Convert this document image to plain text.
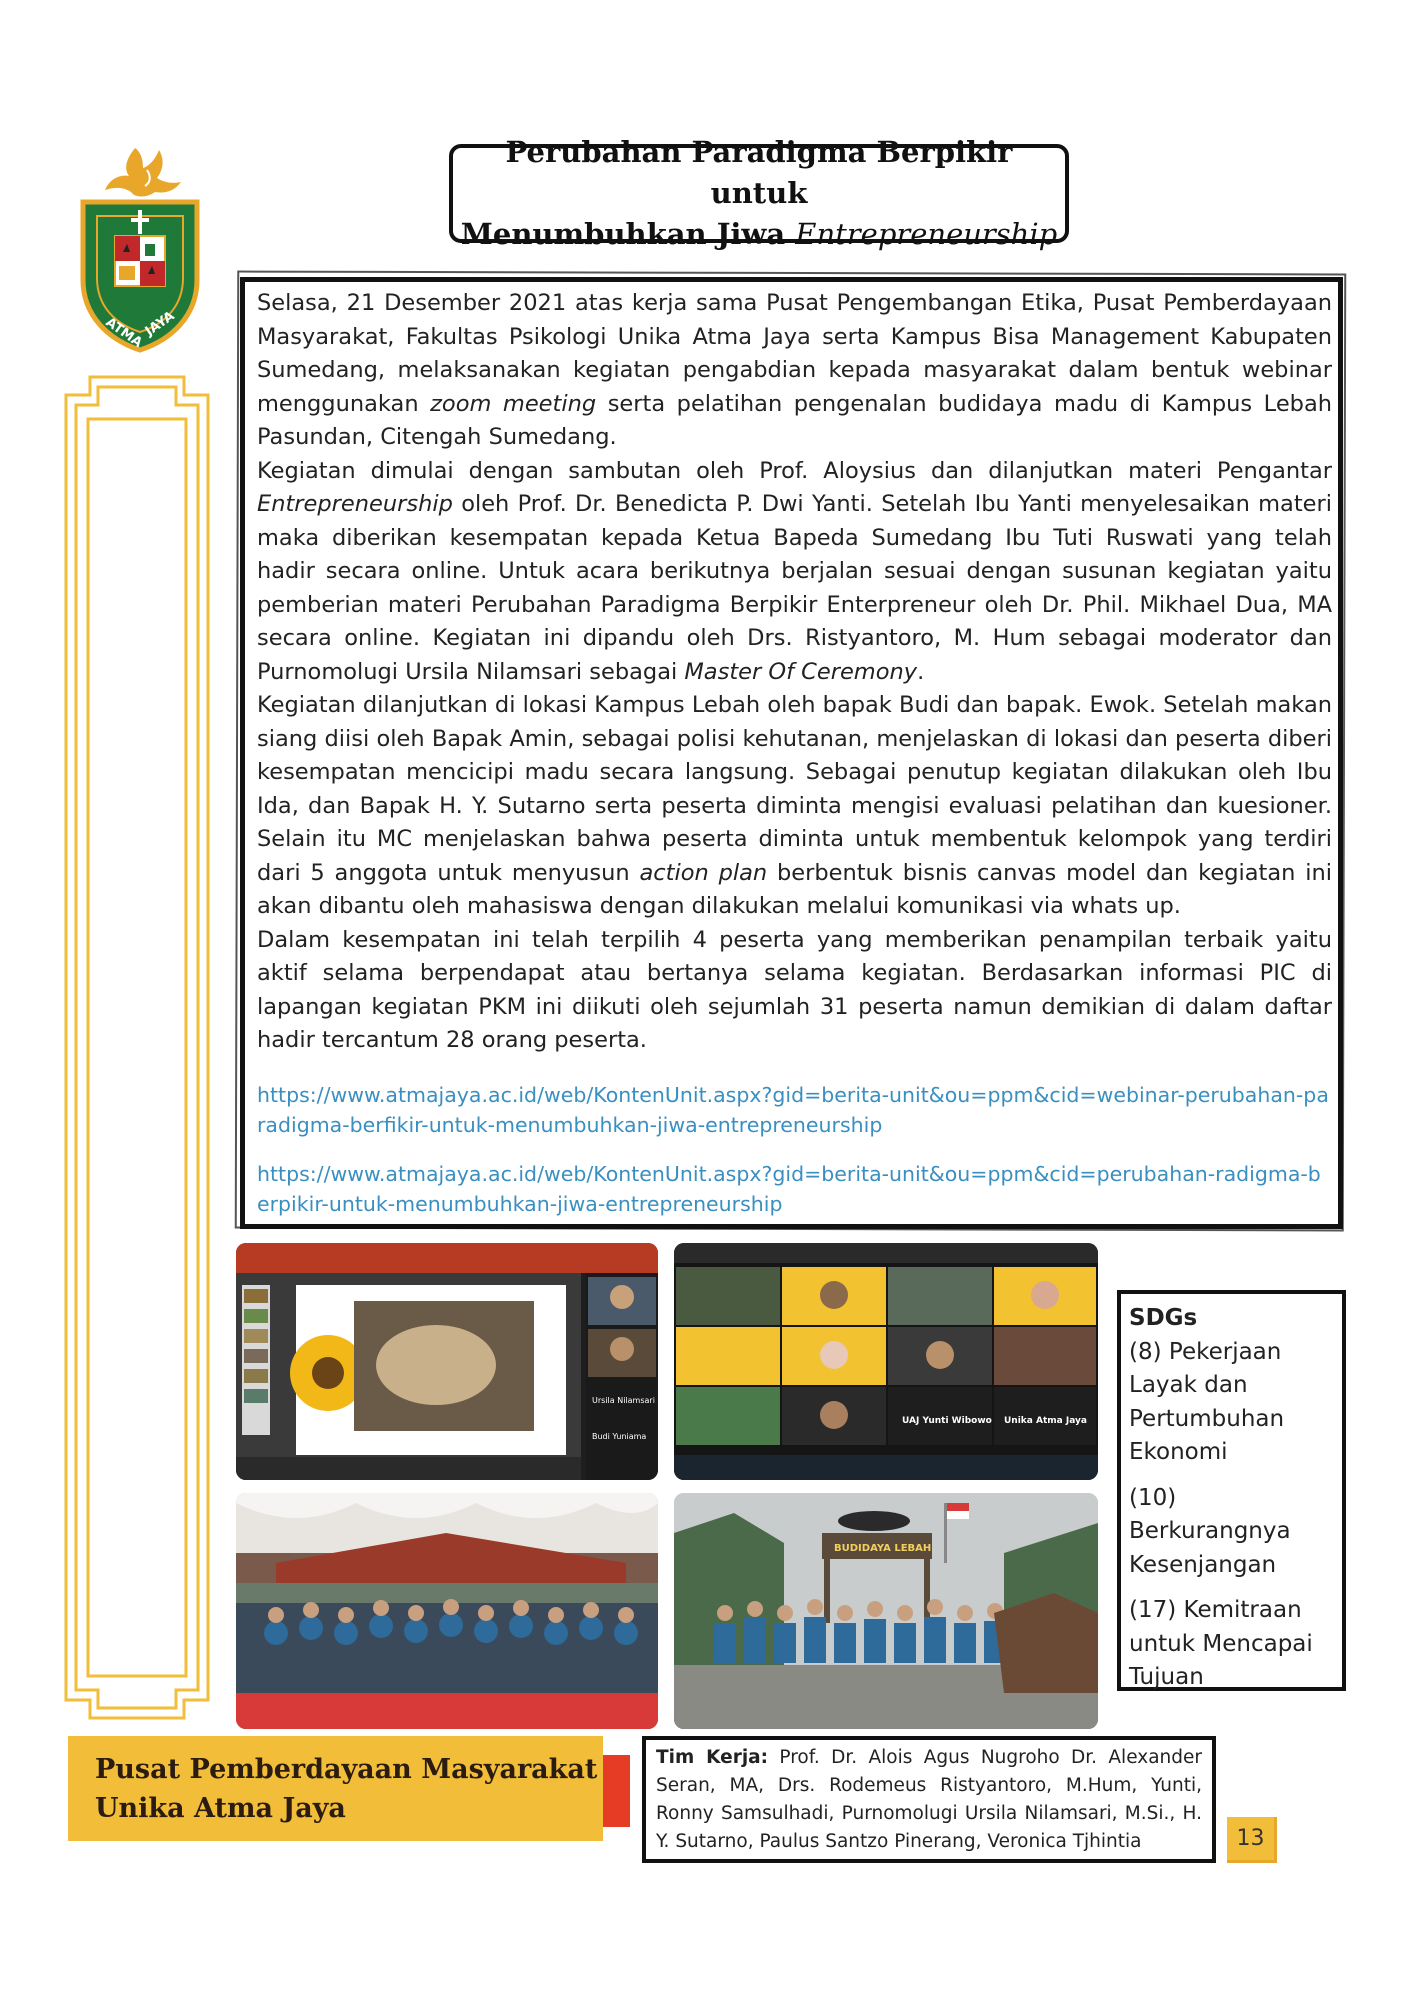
ATMA
JAYA
Perubahan Paradigma Berpikir untuk
Menumbuhkan Jiwa Entrepreneurship

Selasa, 21 Desember 2021 atas kerja sama Pusat Pengembangan Etika, Pusat Pemberdayaan Masyarakat, Fakultas Psikologi Unika Atma Jaya serta Kampus Bisa Management Kabupaten Sumedang, melaksanakan kegiatan pengabdian kepada masyarakat dalam bentuk webinar menggunakan zoom meeting serta pelatihan pengenalan budidaya madu di Kampus Lebah Pasundan, Citengah Sumedang.

Kegiatan dimulai dengan sambutan oleh Prof. Aloysius dan dilanjutkan materi Pengantar Entrepreneurship oleh Prof. Dr. Benedicta P. Dwi Yanti. Setelah Ibu Yanti menyelesaikan materi maka diberikan kesempatan kepada Ketua Bapeda Sumedang Ibu Tuti Ruswati yang telah hadir secara online. Untuk acara berikutnya berjalan sesuai dengan susunan kegiatan yaitu pemberian materi Perubahan Paradigma Berpikir Enterpreneur oleh Dr. Phil. Mikhael Dua, MA secara online. Kegiatan ini dipandu oleh Drs. Ristyantoro, M. Hum sebagai moderator dan Purnomolugi Ursila Nilamsari sebagai Master Of Ceremony.

Kegiatan dilanjutkan di lokasi Kampus Lebah oleh bapak Budi dan bapak. Ewok. Setelah makan siang diisi oleh Bapak Amin, sebagai polisi kehutanan, menjelaskan di lokasi dan peserta diberi kesempatan mencicipi madu secara langsung. Sebagai penutup kegiatan dilakukan oleh Ibu Ida, dan Bapak H. Y. Sutarno serta peserta diminta mengisi evaluasi pelatihan dan kuesioner. Selain itu MC menjelaskan bahwa peserta diminta untuk membentuk kelompok yang terdiri dari 5 anggota untuk menyusun action plan berbentuk bisnis canvas model dan kegiatan ini akan dibantu oleh mahasiswa dengan dilakukan melalui komunikasi via whats up.

Dalam kesempatan ini telah terpilih 4 peserta yang memberikan penampilan terbaik yaitu aktif selama berpendapat atau bertanya selama kegiatan. Berdasarkan informasi PIC di lapangan kegiatan PKM ini diikuti oleh sejumlah 31 peserta namun demikian di dalam daftar hadir tercantum 28 orang peserta.

https://www.atmajaya.ac.id/web/KontenUnit.aspx?gid=berita-unit&ou=ppm&cid=webinar-perubahan-paradigma-berfikir-untuk-menumbuhkan-jiwa-entrepreneurship
https://www.atmajaya.ac.id/web/KontenUnit.aspx?gid=berita-unit&ou=ppm&cid=perubahan-radigma-berpikir-untuk-menumbuhkan-jiwa-entrepreneurship
Ursila Nilamsari
Budi Yuniama
UAJ Yunti Wibowo Unika Atma Jaya
BUDIDAYA LEBAH
SDGs
(8) Pekerjaan Layak dan Pertumbuhan Ekonomi
(10) Berkurangnya Kesenjangan
(17) Kemitraan untuk Mencapai Tujuan
Pusat Pemberdayaan Masyarakat
Unika Atma Jaya
Tim Kerja: Prof. Dr. Alois Agus Nugroho Dr. Alexander Seran, MA, Drs. Rodemeus Ristyantoro, M.Hum, Yunti, Ronny Samsulhadi, Purnomolugi Ursila Nilamsari, M.Si., H. Y. Sutarno, Paulus Santzo Pinerang, Veronica Tjhintia	13
